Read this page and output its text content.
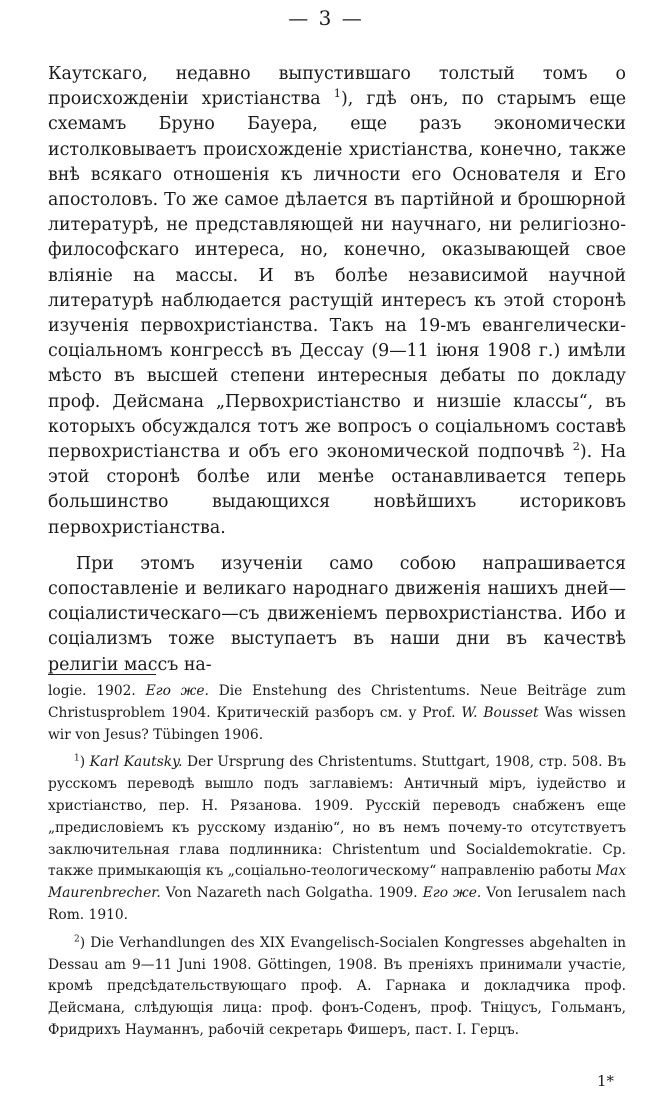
— 3 —

Каутскаго, недавно выпустившаго толстый томъ о происхожденiи христiанства $^1$), гдѣ онъ, по старымъ еще схемамъ Бруно Бауера, еще разъ экономически истолковываетъ происхожденiе христiанства, конечно, также внѣ всякаго отношенiя къ личности его Основателя и Его апостоловъ. То же самое дѣлается въ партiйной и брошюрной литературѣ, не представляющей ни научнаго, ни религiозно-философскаго интереса, но, конечно, оказывающей свое влiянiе на массы. И въ болѣе независимой научной литературѣ наблюдается растущiй интересъ къ этой сторонѣ изученiя первохристiанства. Такъ на 19-мъ евангелически-соцiальномъ конгрессѣ въ Дессау (9—11 iюня 1908 г.) имѣли мѣсто въ высшей степени интересныя дебаты по докладу проф. Дейсмана „Первохристiанство и низшiе классы“, въ которыхъ обсуждался тотъ же вопросъ о соцiальномъ составѣ первохристiанства и объ его экономической подпочвѣ $^2$). На этой сторонѣ болѣе или менѣе останавливается теперь большинство выдающихся новѣйшихъ историковъ первохристiанства.

При этомъ изученiи само собою напрашивается сопоставленiе и великаго народнаго движенiя нашихъ дней—соцiалистическаго—съ движенiемъ первохристiанства. Ибо и соцiализмъ тоже выступаетъ въ наши дни въ качествѣ религiи массъ на-

logie. 1902. Его же. Die Enstehung des Christentums. Neue Beiträge zum Christusproblem 1904. Критическiй разборъ см. у Prof. W. Bousset Was wissen wir von Jesus? Tübingen 1906.

$^1$) Karl Kautsky. Der Ursprung des Christentums. Stuttgart, 1908, стр. 508. Въ русскомъ переводѣ вышло подъ заглавiемъ: Античный мiръ, iудейство и христiанство, пер. Н. Рязанова. 1909. Русскiй переводъ снабженъ еще „предисловiемъ къ русскому изданiю“, но въ немъ почему-то отсутствуетъ заключительная глава подлинника: Christentum und Socialdemokratie. Ср. также примыкающiя къ „соцiально-теологическому“ направленiю работы Max Maurenbrecher. Von Nazareth nach Golgatha. 1909. Его же. Von Ierusalem nach Rom. 1910.

$^2$) Die Verhandlungen des XIX Evangelisch-Socialen Kongresses abgehalten in Dessau am 9—11 Juni 1908. Göttingen, 1908. Въ пренiяхъ принимали участiе, кромѣ предсѣдательствующаго проф. А. Гарнака и докладчика проф. Дейсмана, слѣдующiя лица: проф. фонъ-Соденъ, проф. Тнiцусъ, Гольманъ, Фридрихъ Науманнъ, рабочiй секретарь Фишеръ, паст. I. Герцъ.

1*
